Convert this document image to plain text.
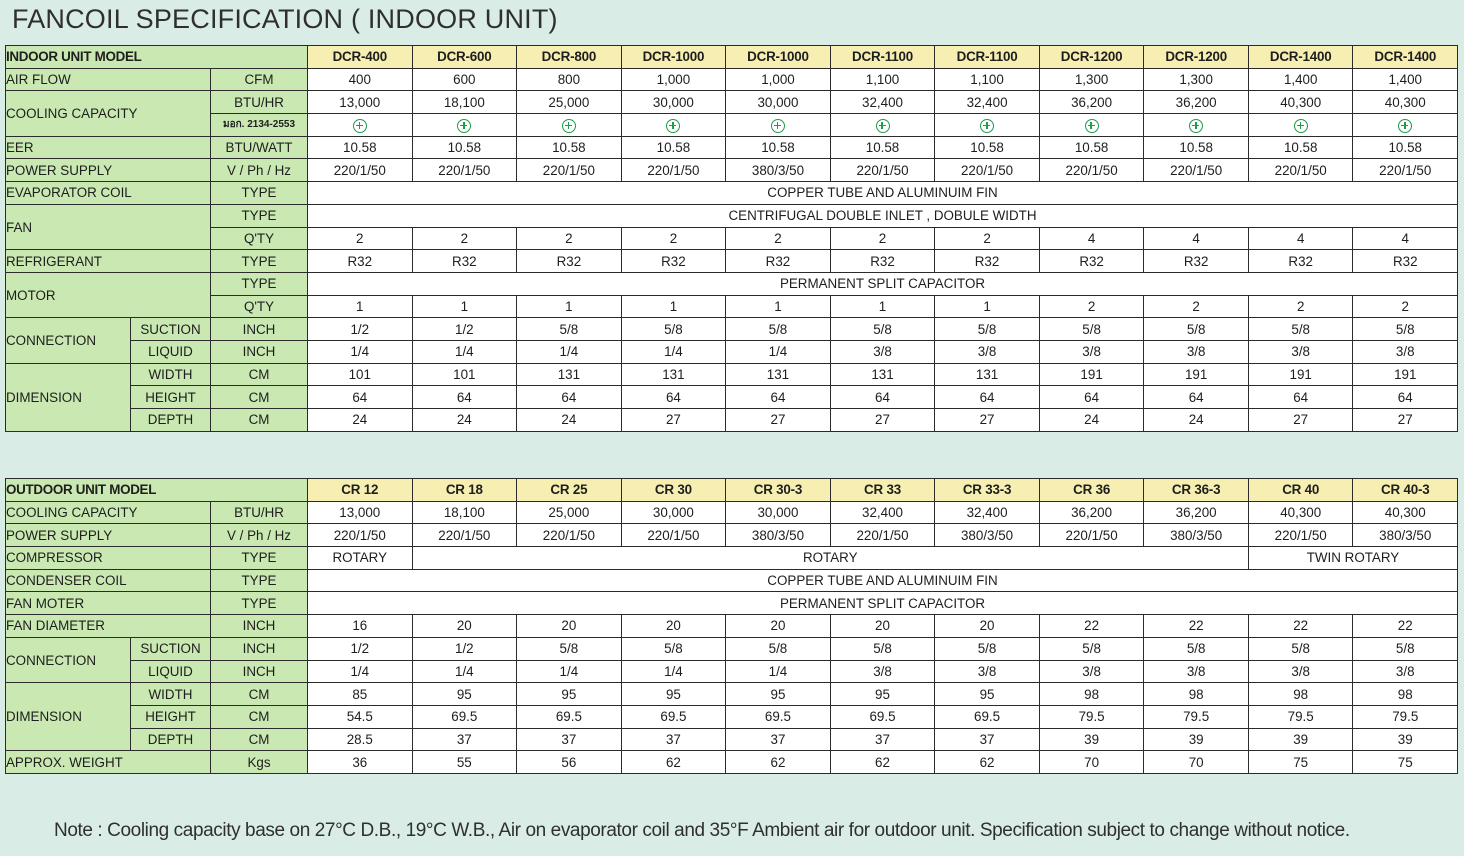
FANCOIL SPECIFICATION ( INDOOR UNIT)
INDOOR UNIT MODEL			DCR-400	DCR-600	DCR-800	DCR-1000	DCR-1000	DCR-1100	DCR-1100	DCR-1200	DCR-1200	DCR-1400	DCR-1400
AIR FLOW		CFM	400	600	800	1,000	1,000	1,100	1,100	1,300	1,300	1,400	1,400
COOLING CAPACITY		BTU/HR	13,000	18,100	25,000	30,000	30,000	32,400	32,400	36,200	36,200	40,300	40,300
		มอก. 2134-2553											
EER		BTU/WATT	10.58	10.58	10.58	10.58	10.58	10.58	10.58	10.58	10.58	10.58	10.58
POWER SUPPLY		V / Ph / Hz	220/1/50	220/1/50	220/1/50	220/1/50	380/3/50	220/1/50	220/1/50	220/1/50	220/1/50	220/1/50	220/1/50
EVAPORATOR COIL		TYPE	COPPER TUBE AND ALUMINUIM FIN										
FAN		TYPE	CENTRIFUGAL DOUBLE INLET , DOBULE WIDTH										
		Q'TY	2	2	2	2	2	2	2	4	4	4	4
REFRIGERANT		TYPE	R32	R32	R32	R32	R32	R32	R32	R32	R32	R32	R32
MOTOR		TYPE	PERMANENT SPLIT CAPACITOR										
		Q'TY	1	1	1	1	1	1	1	2	2	2	2
CONNECTION	SUCTION	INCH	1/2	1/2	5/8	5/8	5/8	5/8	5/8	5/8	5/8	5/8	5/8
	LIQUID	INCH	1/4	1/4	1/4	1/4	1/4	3/8	3/8	3/8	3/8	3/8	3/8
DIMENSION	WIDTH	CM	101	101	131	131	131	131	131	191	191	191	191
	HEIGHT	CM	64	64	64	64	64	64	64	64	64	64	64
	DEPTH	CM	24	24	24	27	27	27	27	24	24	27	27
OUTDOOR UNIT MODEL			CR 12	CR 18	CR 25	CR 30	CR 30-3	CR 33	CR 33-3	CR 36	CR 36-3	CR 40	CR 40-3
COOLING CAPACITY		BTU/HR	13,000	18,100	25,000	30,000	30,000	32,400	32,400	36,200	36,200	40,300	40,300
POWER SUPPLY		V / Ph / Hz	220/1/50	220/1/50	220/1/50	220/1/50	380/3/50	220/1/50	380/3/50	220/1/50	380/3/50	220/1/50	380/3/50
COMPRESSOR		TYPE	ROTARY	ROTARY								TWIN ROTARY	
CONDENSER COIL		TYPE	COPPER TUBE AND ALUMINUIM FIN										
FAN MOTER		TYPE	PERMANENT SPLIT CAPACITOR										
FAN DIAMETER		INCH	16	20	20	20	20	20	20	22	22	22	22
CONNECTION	SUCTION	INCH	1/2	1/2	5/8	5/8	5/8	5/8	5/8	5/8	5/8	5/8	5/8
	LIQUID	INCH	1/4	1/4	1/4	1/4	1/4	3/8	3/8	3/8	3/8	3/8	3/8
DIMENSION	WIDTH	CM	85	95	95	95	95	95	95	98	98	98	98
	HEIGHT	CM	54.5	69.5	69.5	69.5	69.5	69.5	69.5	79.5	79.5	79.5	79.5
	DEPTH	CM	28.5	37	37	37	37	37	37	39	39	39	39
APPROX. WEIGHT		Kgs	36	55	56	62	62	62	62	70	70	75	75
Note : Cooling capacity base on 27°C D.B., 19°C W.B., Air on evaporator coil and 35°F Ambient air for outdoor unit. Specification subject to change without notice.
